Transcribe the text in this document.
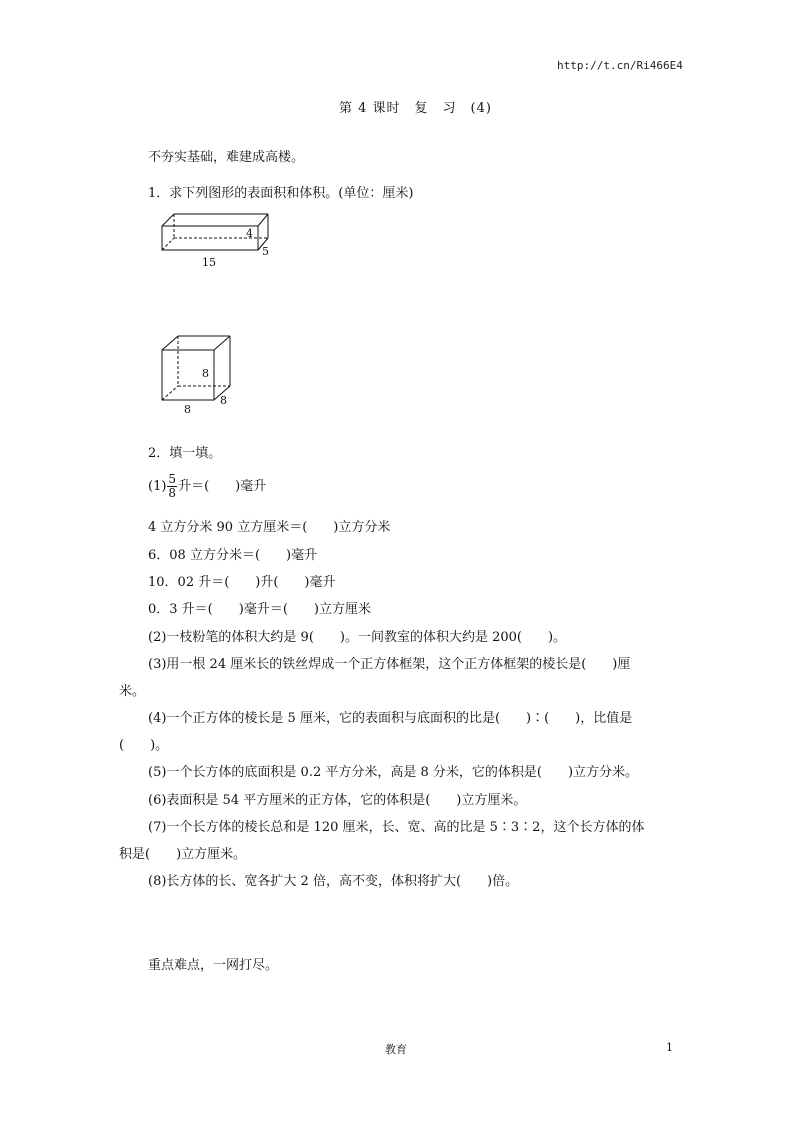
http://t.cn/Ri466E4
第 4 课时　复　习　(4)
不夯实基础，难建成高楼。
1．求下列图形的表面积和体积。(单位：厘米)
4
5
15
8
8
8
2．填一填。
$(1) \frac{5}{8}$ 升＝(　　)毫升
4 立方分米 90 立方厘米＝(　　)立方分米
6．08 立方分米＝(　　)毫升
10．02 升＝(　　)升(　　)毫升
0．3 升＝(　　)毫升＝(　　)立方厘米
(2)一枝粉笔的体积大约是 9(　　)。一间教室的体积大约是 200(　　)。
(3)用一根 24 厘米长的铁丝焊成一个正方体框架，这个正方体框架的棱长是(　　)厘
米。
(4)一个正方体的棱长是 5 厘米，它的表面积与底面积的比是(　　)∶(　　)，比值是
(　　)。
(5)一个长方体的底面积是 0.2 平方分米，高是 8 分米，它的体积是(　　)立方分米。
(6)表面积是 54 平方厘米的正方体，它的体积是(　　)立方厘米。
(7)一个长方体的棱长总和是 120 厘米，长、宽、高的比是 5∶3∶2，这个长方体的体
积是(　　)立方厘米。
(8)长方体的长、宽各扩大 2 倍，高不变，体积将扩大(　　)倍。
重点难点，一网打尽。
教育	1
